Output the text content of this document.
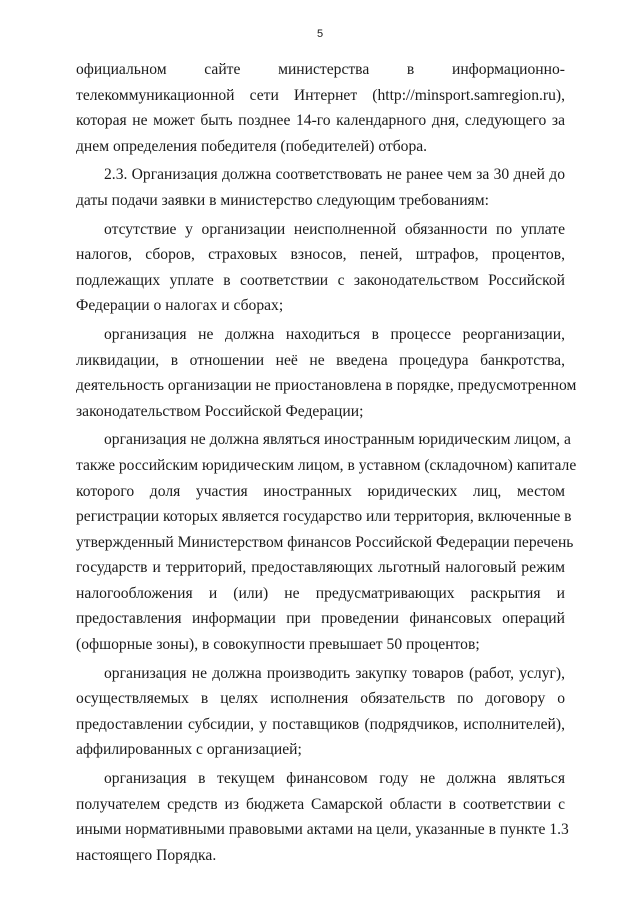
5
официальном сайте министерства в информационно-
телекоммуникационной сети Интернет (http://minsport.samregion.ru),
которая не может быть позднее 14-го календарного дня, следующего за
днем определения победителя (победителей) отбора.
2.3. Организация должна соответствовать не ранее чем за 30 дней до
даты подачи заявки в министерство следующим требованиям:
отсутствие у организации неисполненной обязанности по уплате
налогов, сборов, страховых взносов, пеней, штрафов, процентов,
подлежащих уплате в соответствии с законодательством Российской
Федерации о налогах и сборах;
организация не должна находиться в процессе реорганизации,
ликвидации, в отношении неё не введена процедура банкротства,
деятельность организации не приостановлена в порядке, предусмотренном
законодательством Российской Федерации;
организация не должна являться иностранным юридическим лицом, а
также российским юридическим лицом, в уставном (складочном) капитале
которого доля участия иностранных юридических лиц, местом
регистрации которых является государство или территория, включенные в
утвержденный Министерством финансов Российской Федерации перечень
государств и территорий, предоставляющих льготный налоговый режим
налогообложения и (или) не предусматривающих раскрытия и
предоставления информации при проведении финансовых операций
(офшорные зоны), в совокупности превышает 50 процентов;
организация не должна производить закупку товаров (работ, услуг),
осуществляемых в целях исполнения обязательств по договору о
предоставлении субсидии, у поставщиков (подрядчиков, исполнителей),
аффилированных с организацией;
организация в текущем финансовом году не должна являться
получателем средств из бюджета Самарской области в соответствии с
иными нормативными правовыми актами на цели, указанные в пункте 1.3
настоящего Порядка.
